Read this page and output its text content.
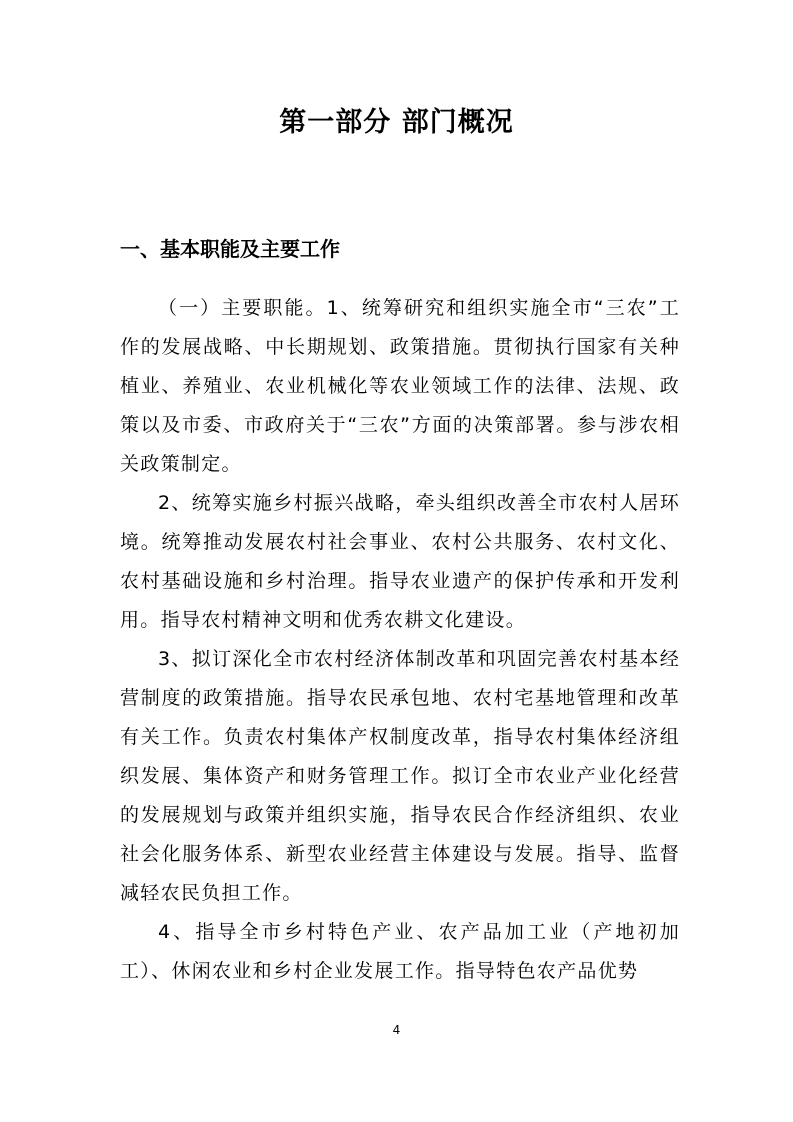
第一部分 部门概况
一、基本职能及主要工作

（一）主要职能。1、统筹研究和组织实施全市“三农”工作的发展战略、中长期规划、政策措施。贯彻执行国家有关种植业、养殖业、农业机械化等农业领域工作的法律、法规、政策以及市委、市政府关于“三农”方面的决策部署。参与涉农相关政策制定。

2、统筹实施乡村振兴战略，牵头组织改善全市农村人居环境。统筹推动发展农村社会事业、农村公共服务、农村文化、农村基础设施和乡村治理。指导农业遗产的保护传承和开发利用。指导农村精神文明和优秀农耕文化建设。

3、拟订深化全市农村经济体制改革和巩固完善农村基本经营制度的政策措施。指导农民承包地、农村宅基地管理和改革有关工作。负责农村集体产权制度改革，指导农村集体经济组织发展、集体资产和财务管理工作。拟订全市农业产业化经营的发展规划与政策并组织实施，指导农民合作经济组织、农业社会化服务体系、新型农业经营主体建设与发展。指导、监督减轻农民负担工作。

4、指导全市乡村特色产业、农产品加工业（产地初加工）、休闲农业和乡村企业发展工作。指导特色农产品优势

4
